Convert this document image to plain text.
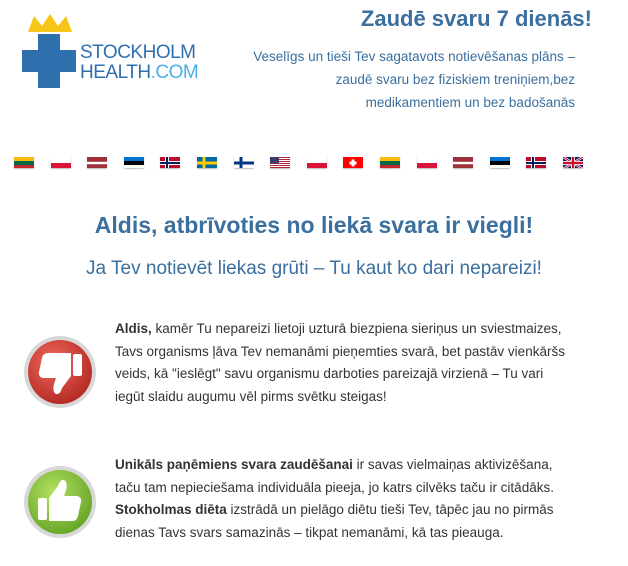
STOCKHOLM
HEALTH.COM
Zaudē svaru 7 dienās!
Veselīgs un tieši Tev sagatavots notievēšanas plāns – zaudē svaru bez fiziskiem treniņiem,bez medikamentiem un bez badošanās
Aldis, atbrīvoties no liekā svara ir viegli!
Ja Tev notievēt liekas grūti – Tu kaut ko dari nepareizi!
Aldis, kamēr Tu nepareizi lietoji uzturā biezpiena sieriņus un sviestmaizes, Tavs organisms ļāva Tev nemanāmi pieņemties svarā, bet pastāv vienkāršs veids, kā "ieslēgt" savu organismu darboties pareizajā virzienā – Tu vari iegūt slaidu augumu vēl pirms svētku steigas!
Unikāls paņēmiens svara zaudēšanai ir savas vielmaiņas aktivizēšana, taču tam nepieciešama individuāla pieeja, jo katrs cilvēks taču ir citādāks. Stokholmas diēta izstrādā un pielāgo diētu tieši Tev, tāpēc jau no pirmās dienas Tavs svars samazinās – tikpat nemanāmi, kā tas pieauga.
